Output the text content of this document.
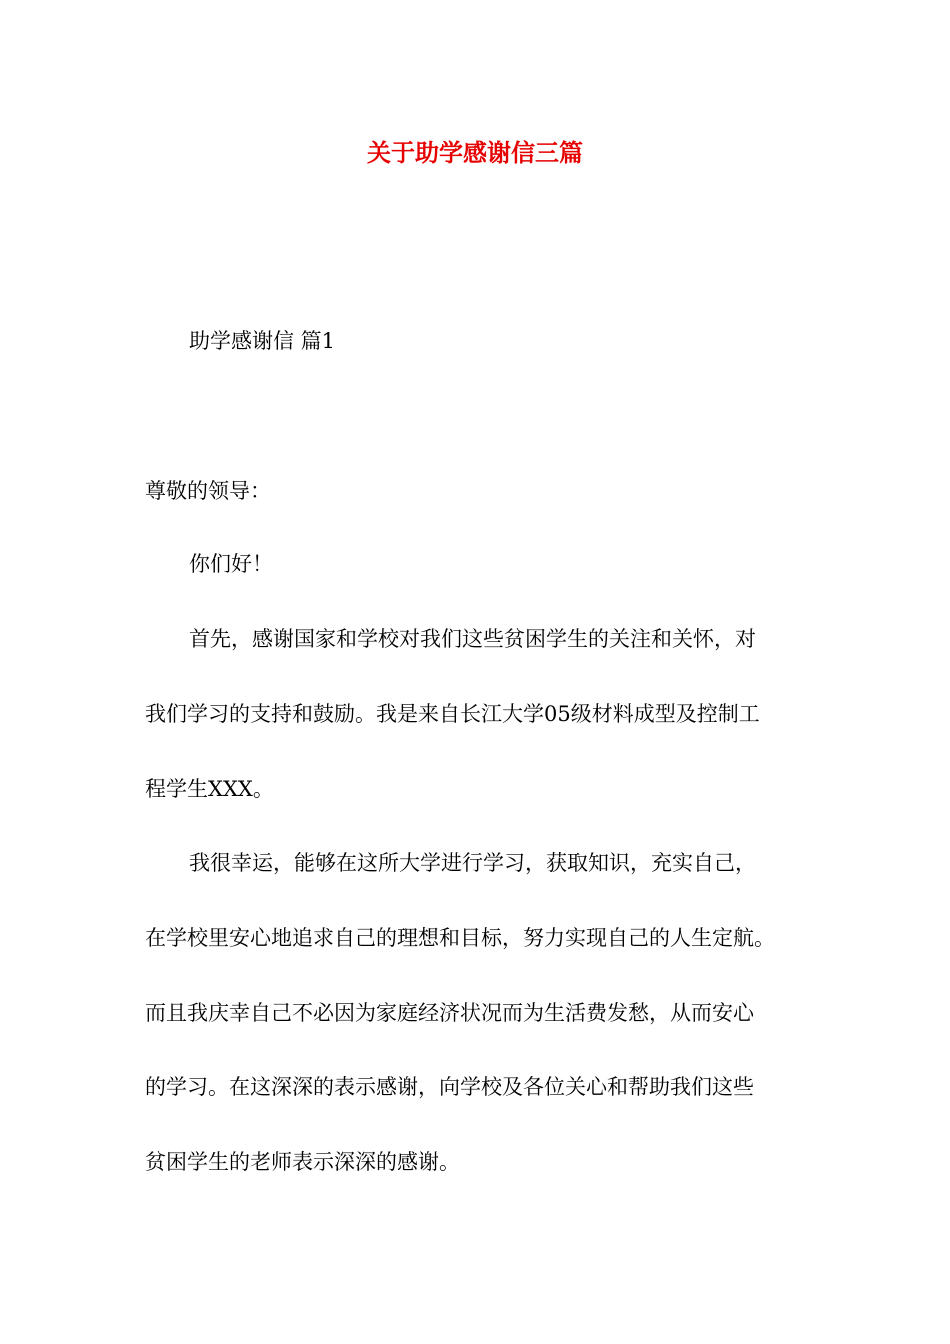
关于助学感谢信三篇
助学感谢信 篇1
尊敬的领导：
你们好！
首先，感谢国家和学校对我们这些贫困学生的关注和关怀，对
我们学习的支持和鼓励。我是来自长江大学05级材料成型及控制工
程学生XXX。
我很幸运，能够在这所大学进行学习，获取知识，充实自己，
在学校里安心地追求自己的理想和目标，努力实现自己的人生定航。
而且我庆幸自己不必因为家庭经济状况而为生活费发愁，从而安心
的学习。在这深深的表示感谢，向学校及各位关心和帮助我们这些
贫困学生的老师表示深深的感谢。
